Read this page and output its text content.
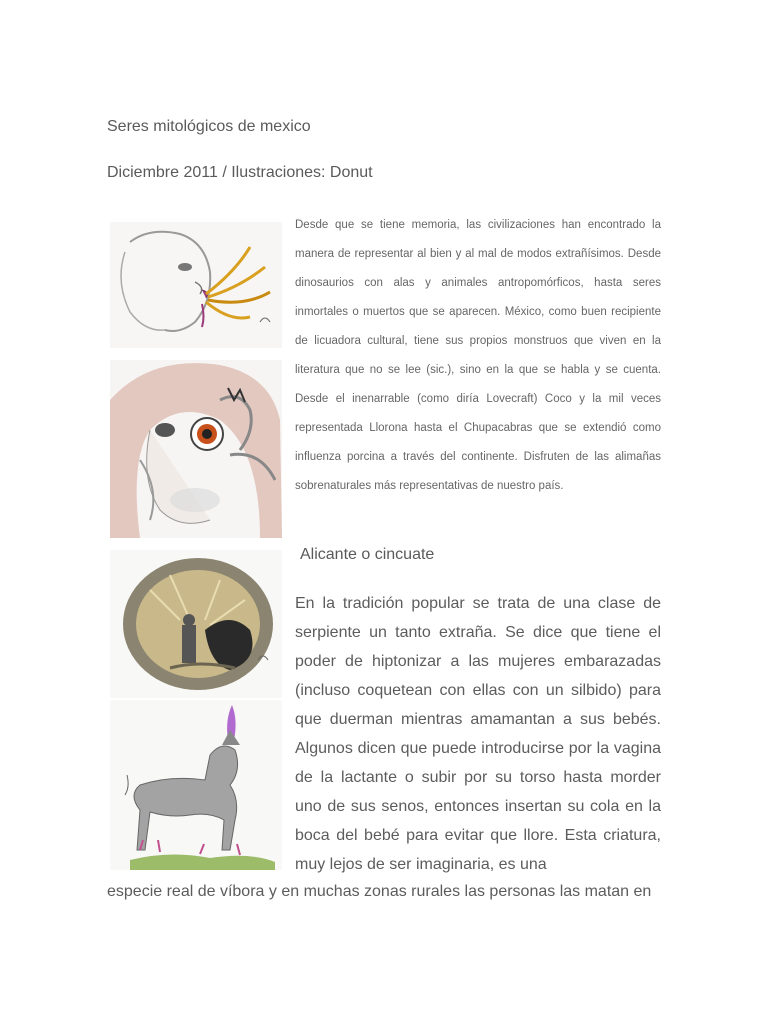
Seres mitológicos de mexico
Diciembre 2011 / Ilustraciones: Donut

Desde que se tiene memoria, las civilizaciones han encontrado la manera de representar al bien y al mal de modos extrañísimos. Desde dinosaurios con alas y animales antropomórficos, hasta seres inmortales o muertos que se aparecen. México, como buen recipiente de licuadora cultural, tiene sus propios monstruos que viven en la literatura que no se lee (sic.), sino en la que se habla y se cuenta. Desde el inenarrable (como diría Lovecraft) Coco y la mil veces representada Llorona hasta el Chupacabras que se extendió como influenza porcina a través del continente. Disfruten de las alimañas sobrenaturales más representativas de nuestro país.

Alicante o cincuate

En la tradición popular se trata de una clase de serpiente un tanto extraña. Se dice que tiene el poder de hiptonizar a las mujeres embarazadas (incluso coquetean con ellas con un silbido) para que duerman mientras amamantan a sus bebés. Algunos dicen que puede introducirse por la vagina de la lactante o subir por su torso hasta morder uno de sus senos, entonces insertan su cola en la boca del bebé para evitar que llore. Esta criatura, muy lejos de ser imaginaria, es una

especie real de víbora y en muchas zonas rurales las personas las matan en
